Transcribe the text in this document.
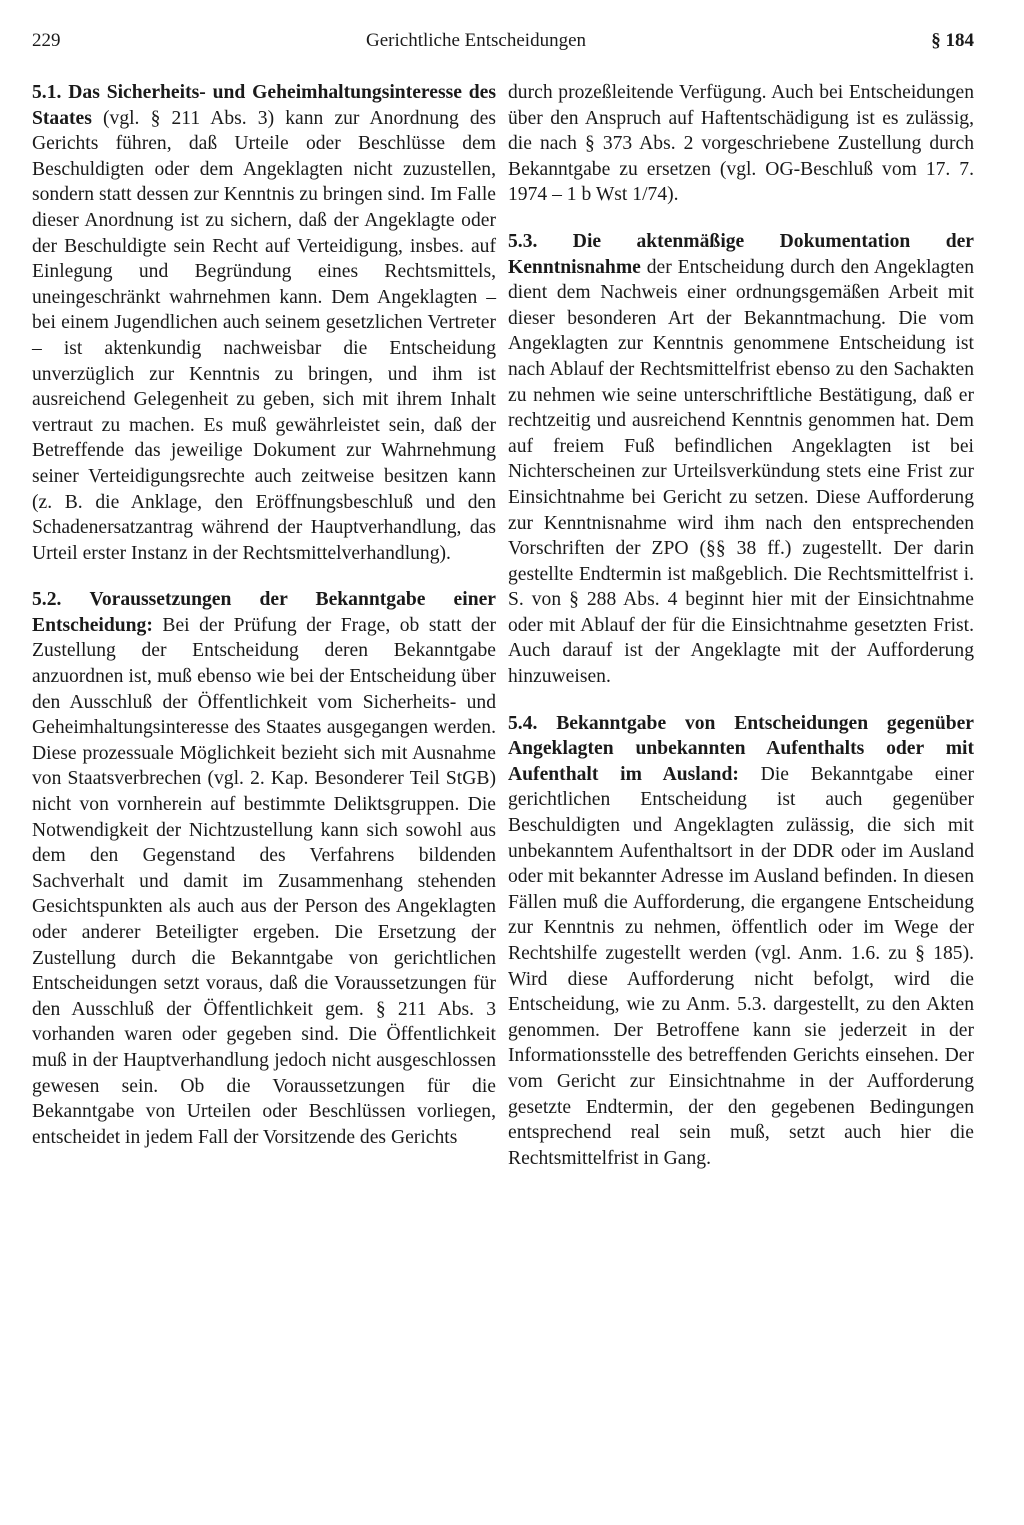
229	Gerichtliche Entscheidungen	§ 184

5.1. Das Sicherheits- und Geheimhaltungsinteresse des Staates (vgl. § 211 Abs. 3) kann zur Anordnung des Gerichts führen, daß Urteile oder Beschlüsse dem Beschuldigten oder dem Angeklagten nicht zuzustellen, sondern statt dessen zur Kenntnis zu bringen sind. Im Falle dieser Anordnung ist zu sichern, daß der Angeklagte oder der Beschuldigte sein Recht auf Verteidigung, insbes. auf Einlegung und Begründung eines Rechtsmittels, uneingeschränkt wahrnehmen kann. Dem Angeklagten – bei einem Jugendlichen auch seinem gesetzlichen Vertreter – ist aktenkundig nachweisbar die Entscheidung unverzüglich zur Kenntnis zu bringen, und ihm ist ausreichend Gelegenheit zu geben, sich mit ihrem Inhalt vertraut zu machen. Es muß gewährleistet sein, daß der Betreffende das jeweilige Dokument zur Wahrnehmung seiner Verteidigungsrechte auch zeitweise besitzen kann (z. B. die Anklage, den Eröffnungsbeschluß und den Schadenersatzantrag während der Hauptverhandlung, das Urteil erster Instanz in der Rechtsmittelverhandlung).

5.2. Voraussetzungen der Bekanntgabe einer Entscheidung: Bei der Prüfung der Frage, ob statt der Zustellung der Entscheidung deren Bekanntgabe anzuordnen ist, muß ebenso wie bei der Entscheidung über den Ausschluß der Öffentlichkeit vom Sicherheits- und Geheimhaltungsinteresse des Staates ausgegangen werden. Diese prozessuale Möglichkeit bezieht sich mit Ausnahme von Staatsverbrechen (vgl. 2. Kap. Besonderer Teil StGB) nicht von vornherein auf bestimmte Deliktsgruppen. Die Notwendigkeit der Nichtzustellung kann sich sowohl aus dem den Gegenstand des Verfahrens bildenden Sachverhalt und damit im Zusammenhang stehenden Gesichtspunkten als auch aus der Person des Angeklagten oder anderer Beteiligter ergeben. Die Ersetzung der Zustellung durch die Bekanntgabe von gerichtlichen Entscheidungen setzt voraus, daß die Voraussetzungen für den Ausschluß der Öffentlichkeit gem. § 211 Abs. 3 vorhanden waren oder gegeben sind. Die Öffentlichkeit muß in der Hauptverhandlung jedoch nicht ausgeschlossen gewesen sein. Ob die Voraussetzungen für die Bekanntgabe von Urteilen oder Beschlüssen vorliegen, entscheidet in jedem Fall der Vorsitzende des Gerichts

durch prozeßleitende Verfügung. Auch bei Entscheidungen über den Anspruch auf Haftentschädigung ist es zulässig, die nach § 373 Abs. 2 vorgeschriebene Zustellung durch Bekanntgabe zu ersetzen (vgl. OG-Beschluß vom 17. 7. 1974 – 1 b Wst 1/74).

5.3. Die aktenmäßige Dokumentation der Kenntnisnahme der Entscheidung durch den Angeklagten dient dem Nachweis einer ordnungsgemäßen Arbeit mit dieser besonderen Art der Bekanntmachung. Die vom Angeklagten zur Kenntnis genommene Entscheidung ist nach Ablauf der Rechtsmittelfrist ebenso zu den Sachakten zu nehmen wie seine unterschriftliche Bestätigung, daß er rechtzeitig und ausreichend Kenntnis genommen hat. Dem auf freiem Fuß befindlichen Angeklagten ist bei Nichterscheinen zur Urteilsverkündung stets eine Frist zur Einsichtnahme bei Gericht zu setzen. Diese Aufforderung zur Kenntnisnahme wird ihm nach den entsprechenden Vorschriften der ZPO (§§ 38 ff.) zugestellt. Der darin gestellte Endtermin ist maßgeblich. Die Rechtsmittelfrist i. S. von § 288 Abs. 4 beginnt hier mit der Einsichtnahme oder mit Ablauf der für die Einsichtnahme gesetzten Frist. Auch darauf ist der Angeklagte mit der Aufforderung hinzuweisen.

5.4. Bekanntgabe von Entscheidungen gegenüber Angeklagten unbekannten Aufenthalts oder mit Aufenthalt im Ausland: Die Bekanntgabe einer gerichtlichen Entscheidung ist auch gegenüber Beschuldigten und Angeklagten zulässig, die sich mit unbekanntem Aufenthaltsort in der DDR oder im Ausland oder mit bekannter Adresse im Ausland befinden. In diesen Fällen muß die Aufforderung, die ergangene Entscheidung zur Kenntnis zu nehmen, öffentlich oder im Wege der Rechtshilfe zugestellt werden (vgl. Anm. 1.6. zu § 185). Wird diese Aufforderung nicht befolgt, wird die Entscheidung, wie zu Anm. 5.3. dargestellt, zu den Akten genommen. Der Betroffene kann sie jederzeit in der Informationsstelle des betreffenden Gerichts einsehen. Der vom Gericht zur Einsichtnahme in der Aufforderung gesetzte Endtermin, der den gegebenen Bedingungen entsprechend real sein muß, setzt auch hier die Rechtsmittelfrist in Gang.
